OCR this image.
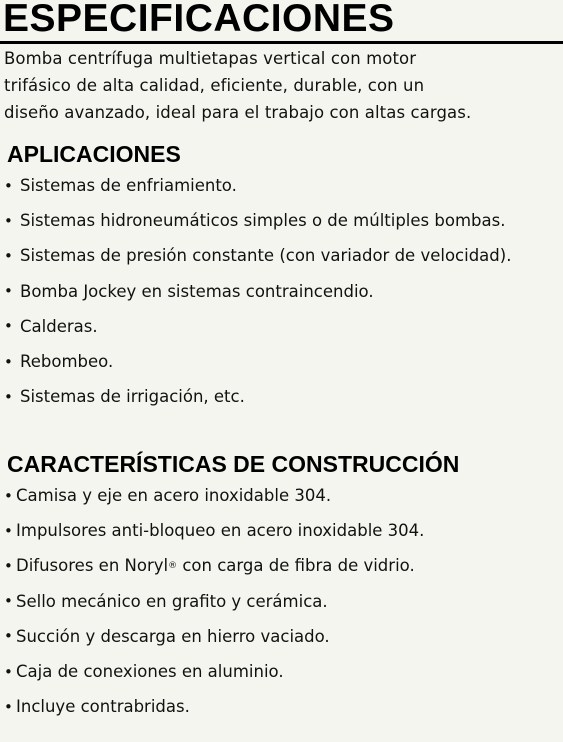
ESPECIFICACIONES

Bomba centrífuga multietapas vertical con motor
trifásico de alta calidad, eficiente, durable, con un
diseño avanzado, ideal para el trabajo con altas cargas.

APLICACIONES
• Sistemas de enfriamiento.
• Sistemas hidroneumáticos simples o de múltiples bombas.
• Sistemas de presión constante (con variador de velocidad).
• Bomba Jockey en sistemas contraincendio.
• Calderas.
• Rebombeo.
• Sistemas de irrigación, etc.
CARACTERÍSTICAS DE CONSTRUCCIÓN
• Camisa y eje en acero inoxidable 304.
• Impulsores anti-bloqueo en acero inoxidable 304.
• Difusores en Noryl ® con carga de fibra de vidrio.
• Sello mecánico en grafito y cerámica.
• Succión y descarga en hierro vaciado.
• Caja de conexiones en aluminio.
• Incluye contrabridas.
